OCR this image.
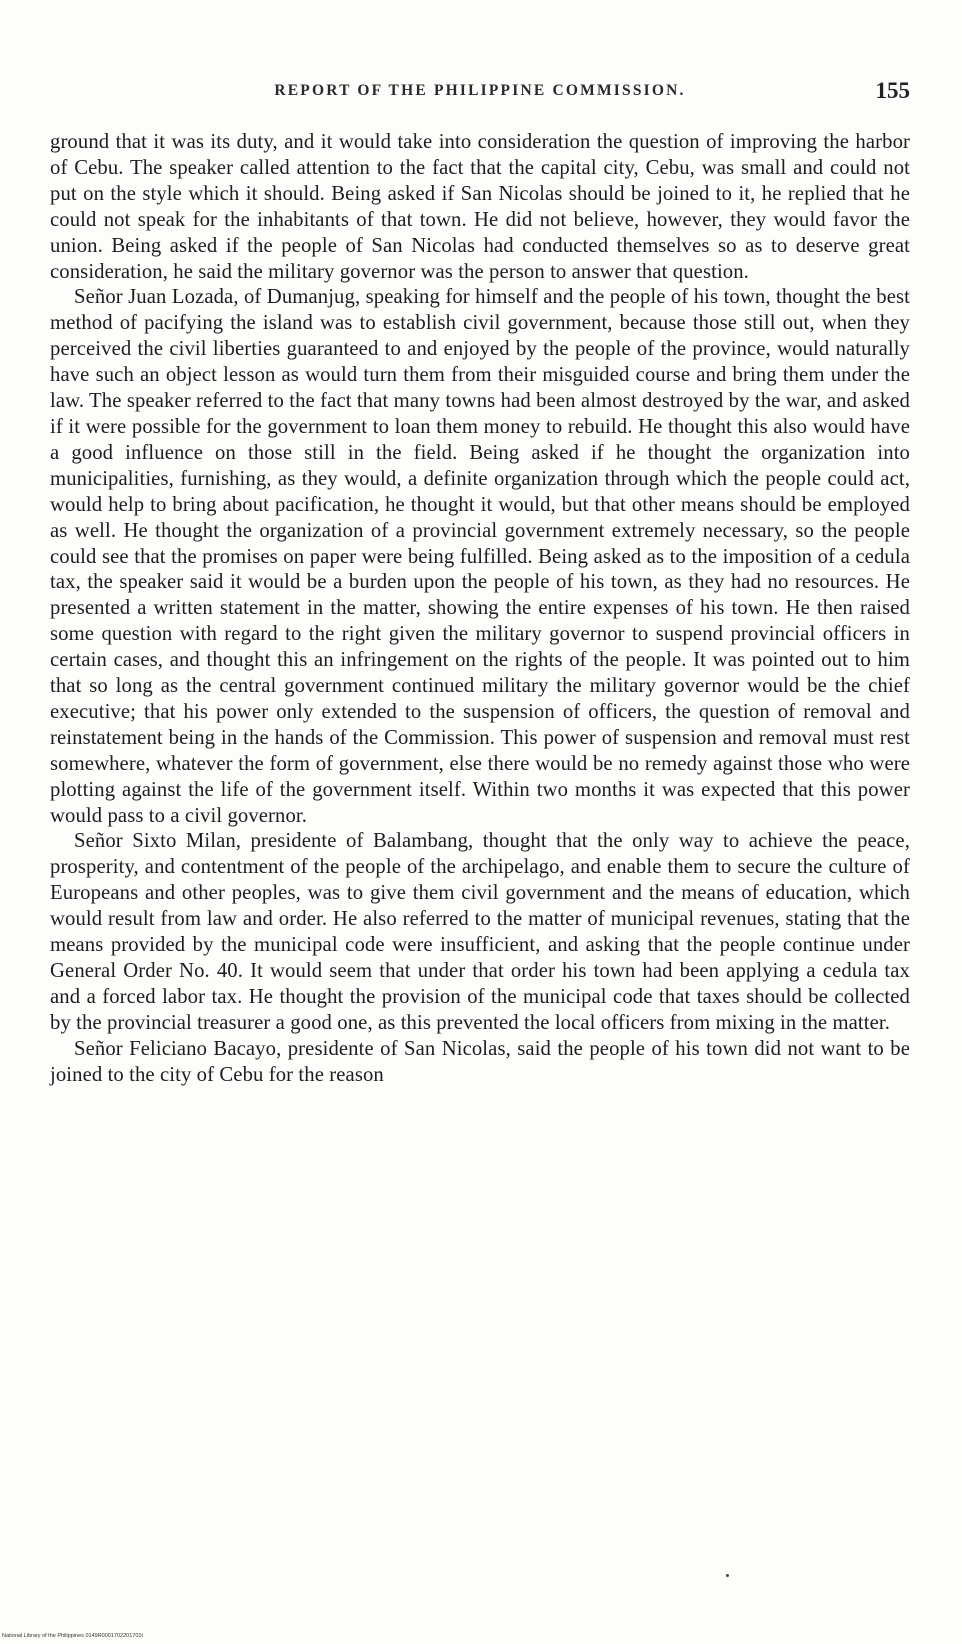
REPORT OF THE PHILIPPINE COMMISSION.	155

ground that it was its duty, and it would take into consideration the question of improving the harbor of Cebu. The speaker called attention to the fact that the capital city, Cebu, was small and could not put on the style which it should. Being asked if San Nicolas should be joined to it, he replied that he could not speak for the inhabitants of that town. He did not believe, however, they would favor the union. Being asked if the people of San Nicolas had conducted themselves so as to deserve great consideration, he said the military governor was the person to answer that question.

Señor Juan Lozada, of Dumanjug, speaking for himself and the people of his town, thought the best method of pacifying the island was to establish civil government, because those still out, when they perceived the civil liberties guaranteed to and enjoyed by the people of the province, would naturally have such an object lesson as would turn them from their misguided course and bring them under the law. The speaker referred to the fact that many towns had been almost destroyed by the war, and asked if it were possible for the government to loan them money to rebuild. He thought this also would have a good influence on those still in the field. Being asked if he thought the organization into municipalities, furnishing, as they would, a definite organization through which the people could act, would help to bring about pacification, he thought it would, but that other means should be employed as well. He thought the organization of a provincial government extremely necessary, so the people could see that the promises on paper were being fulfilled. Being asked as to the imposition of a cedula tax, the speaker said it would be a burden upon the people of his town, as they had no resources. He presented a written statement in the matter, showing the entire expenses of his town. He then raised some question with regard to the right given the military governor to suspend provincial officers in certain cases, and thought this an infringement on the rights of the people. It was pointed out to him that so long as the central government continued military the military governor would be the chief executive; that his power only extended to the suspension of officers, the question of removal and reinstatement being in the hands of the Commission. This power of suspension and removal must rest somewhere, whatever the form of government, else there would be no remedy against those who were plotting against the life of the government itself. Within two months it was expected that this power would pass to a civil governor.

Señor Sixto Milan, presidente of Balambang, thought that the only way to achieve the peace, prosperity, and contentment of the people of the archipelago, and enable them to secure the culture of Europeans and other peoples, was to give them civil government and the means of education, which would result from law and order. He also referred to the matter of municipal revenues, stating that the means provided by the municipal code were insufficient, and asking that the people continue under General Order No. 40. It would seem that under that order his town had been applying a cedula tax and a forced labor tax. He thought the provision of the municipal code that taxes should be collected by the provincial treasurer a good one, as this prevented the local officers from mixing in the matter.

Señor Feliciano Bacayo, presidente of San Nicolas, said the people of his town did not want to be joined to the city of Cebu for the reason

National Library of the Philippines 0149R0001702201701t
